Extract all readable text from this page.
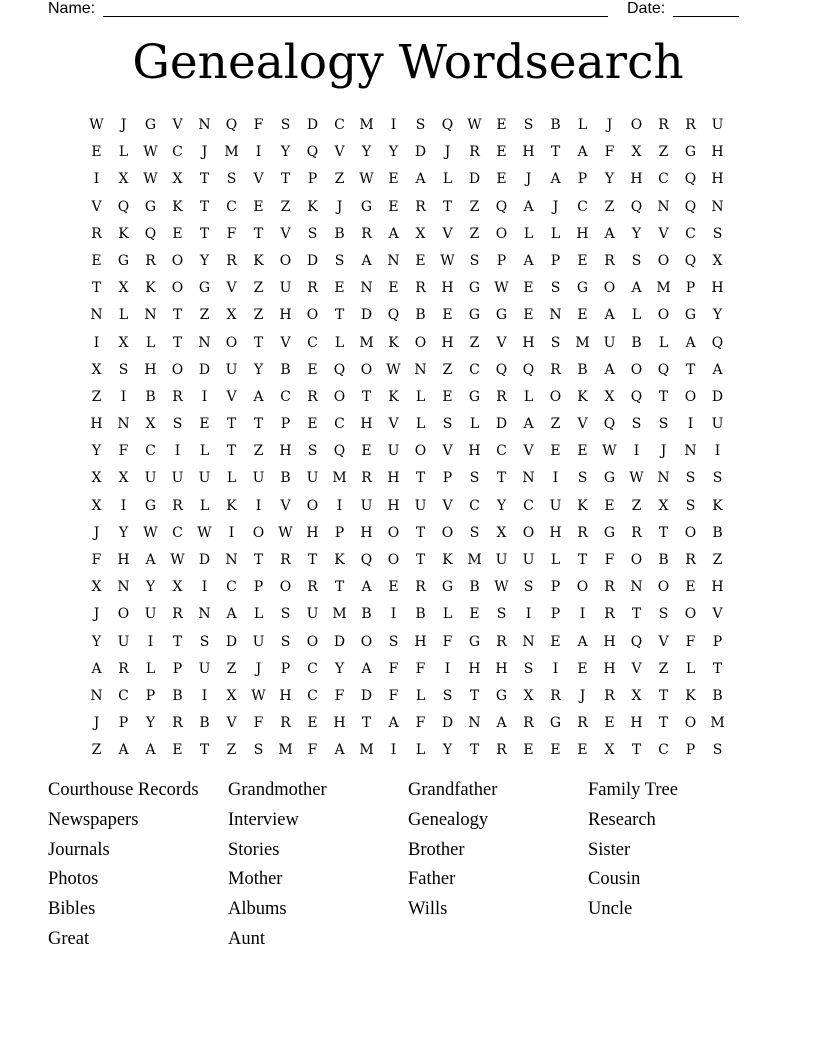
Name:	Date:
Genealogy Wordsearch
W	J	G	V	N	Q	F	S	D	C	M	I	S	Q	W	E	S	B	L	J	O	R	R	U
E	L	W	C	J	M	I	Y	Q	V	Y	Y	D	J	R	E	H	T	A	F	X	Z	G	H
I	X	W	X	T	S	V	T	P	Z	W	E	A	L	D	E	J	A	P	Y	H	C	Q	H
V	Q	G	K	T	C	E	Z	K	J	G	E	R	T	Z	Q	A	J	C	Z	Q	N	Q	N
R	K	Q	E	T	F	T	V	S	B	R	A	X	V	Z	O	L	L	H	A	Y	V	C	S
E	G	R	O	Y	R	K	O	D	S	A	N	E	W	S	P	A	P	E	R	S	O	Q	X
T	X	K	O	G	V	Z	U	R	E	N	E	R	H	G	W	E	S	G	O	A	M	P	H
N	L	N	T	Z	X	Z	H	O	T	D	Q	B	E	G	G	E	N	E	A	L	O	G	Y
I	X	L	T	N	O	T	V	C	L	M	K	O	H	Z	V	H	S	M U	B	L	A	Q
X	S	H	O	D	U	Y	B	E	Q	O	W N	Z	C	Q	Q	R	B	A	O	Q	T	A
Z	I	B	R	I	V	A	C	R	O	T	K	L	E	G	R	L	O	K	X	Q	T	O	D
H	N	X	S	E	T	T	P	E	C	H	V	L	S	L	D	A	Z	V	Q	S	S	I	U
Y	F	C	I	L	T	Z	H	S	Q	E	U	O	V	H	C	V	E	E	W	I	J	N	I
X	X	U	U	U	L	U	B	U M	R	H	T	P	S	T	N	I	S	G	W N	S	S
X	I	G	R	L	K	I	V	O	I	U	H	U	V	C	Y	C	U	K	E	Z	X	S	K
J	Y	W	C	W	I	O	W H	P	H	O	T	O	S	X	O	H	R	G	R	T	O	B
F	H	A	W	D	N	T	R	T	K	Q	O	T	K	M U	U	L	T	F	O	B	R	Z
X	N	Y	X	I	C	P	O	R	T	A	E	R	G	B	W	S	P	O	R	N	O	E	H
J	O	U	R	N	A	L	S	U M	B	I	B	L	E	S	I	P	I	R	T	S	O	V
Y	U	I	T	S	D	U	S	O	D	O	S	H	F	G	R	N	E	A	H	Q	V	F	P
A	R	L	P	U	Z	J	P	C	Y	A	F	F	I	H	H	S	I	E	H	V	Z	L	T
N	C	P	B	I	X	W H	C	F	D	F	L	S	T	G	X	R	J	R	X	T	K	B
J	P	Y	R	B	V	F	R	E	H	T	A	F	D	N	A	R	G	R	E	H	T	O	M
Z	A	A	E	T	Z	S	M	F	A	M	I	L	Y	T	R	E	E	E	X	T	C	P	S
Courthouse Records	Grandmother	Grandfather	Family Tree
Newspapers	Interview	Genealogy	Research
Journals	Stories	Brother	Sister
Photos	Mother	Father	Cousin
Bibles	Albums	Wills	Uncle
Great	Aunt
